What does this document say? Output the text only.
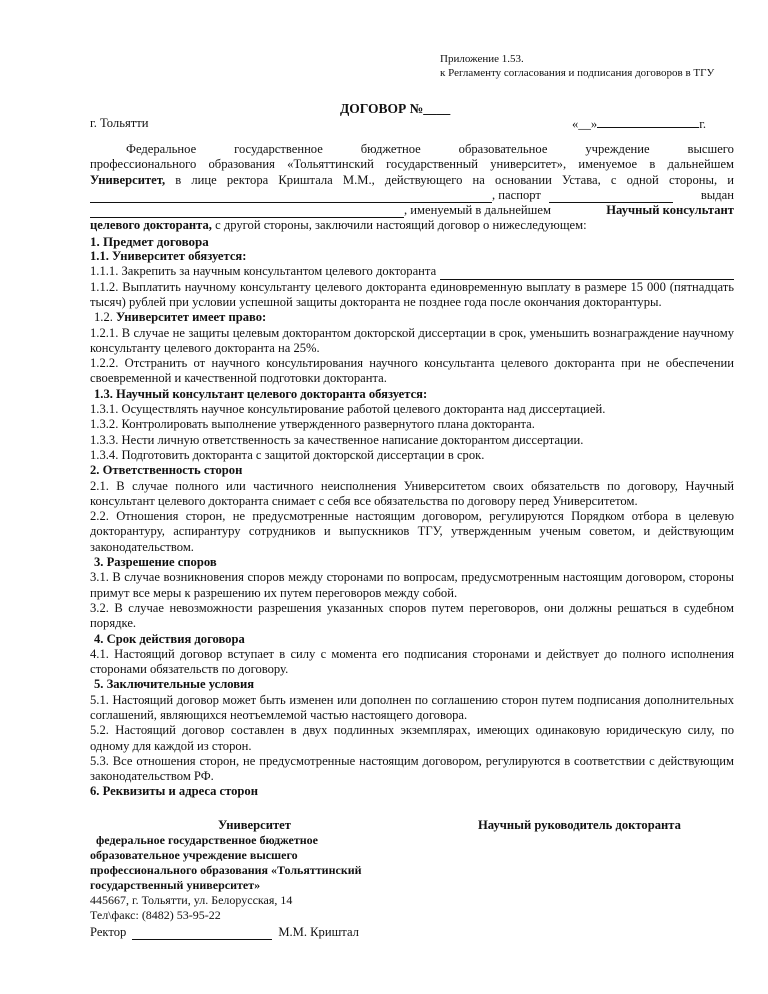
Приложение 1.53.
к Регламенту согласования и подписания договоров в ТГУ
ДОГОВОР №____
г. Тольятти	«__»	г.
Федеральное	государственное	бюджетное	образовательное	учреждение	высшего

профессионального образования «Тольяттинский государственный университет», именуемое в дальнейшем

Университет, в лице ректора Криштала М.М., действующего на основании Устава, с одной стороны, и

, паспорт	выдан
, именуемый в дальнейшем	Научный консультант

целевого докторанта, с другой стороны, заключили настоящий договор о нижеследующем:

1. Предмет договора

1.1. Университет обязуется:

1.1.1. Закрепить за научным консультантом целевого докторанта

1.1.2. Выплатить научному консультанту целевого докторанта единовременную выплату в размере 15 000 (пятнадцать тысяч) рублей при условии успешной защиты докторанта не позднее года после окончания докторантуры.

1.2. Университет имеет право:

1.2.1. В случае не защиты целевым докторантом докторской диссертации в срок, уменьшить вознаграждение научному консультанту целевого докторанта на 25%.

1.2.2. Отстранить от научного консультирования научного консультанта целевого докторанта при не обеспечении своевременной и качественной подготовки докторанта.

1.3. Научный консультант целевого докторанта обязуется:

1.3.1. Осуществлять научное консультирование работой целевого докторанта над диссертацией.

1.3.2. Контролировать выполнение утвержденного развернутого плана докторанта.

1.3.3. Нести личную ответственность за качественное написание докторантом диссертации.

1.3.4. Подготовить докторанта с защитой докторской диссертации в срок.

2. Ответственность сторон

2.1. В случае полного или частичного неисполнения Университетом своих обязательств по договору, Научный консультант целевого докторанта снимает с себя все обязательства по договору перед Университетом.

2.2. Отношения сторон, не предусмотренные настоящим договором, регулируются Порядком отбора в целевую докторантуру, аспирантуру сотрудников и выпускников ТГУ, утвержденным ученым советом, и действующим законодательством.

3. Разрешение споров

3.1. В случае возникновения споров между сторонами по вопросам, предусмотренным настоящим договором, стороны примут все меры к разрешению их путем переговоров между собой.

3.2. В случае невозможности разрешения указанных споров путем переговоров, они должны решаться в судебном порядке.

4. Срок действия договора

4.1. Настоящий договор вступает в силу с момента его подписания сторонами и действует до полного исполнения сторонами обязательств по договору.

5. Заключительные условия

5.1. Настоящий договор может быть изменен или дополнен по соглашению сторон путем подписания дополнительных соглашений, являющихся неотъемлемой частью настоящего договора.

5.2. Настоящий договор составлен в двух подлинных экземплярах, имеющих одинаковую юридическую силу, по одному для каждой из сторон.

5.3. Все отношения сторон, не предусмотренные настоящим договором, регулируются в соответствии с действующим законодательством РФ.

6. Реквизиты и адреса сторон

Университет	Научный руководитель докторанта
федеральное государственное бюджетное
образовательное учреждение высшего
профессионального образования «Тольяттинский
государственный университет»
445667, г. Тольятти, ул. Белорусская, 14
Тел\факс: (8482) 53-95-22
Ректор	М.М. Криштал
